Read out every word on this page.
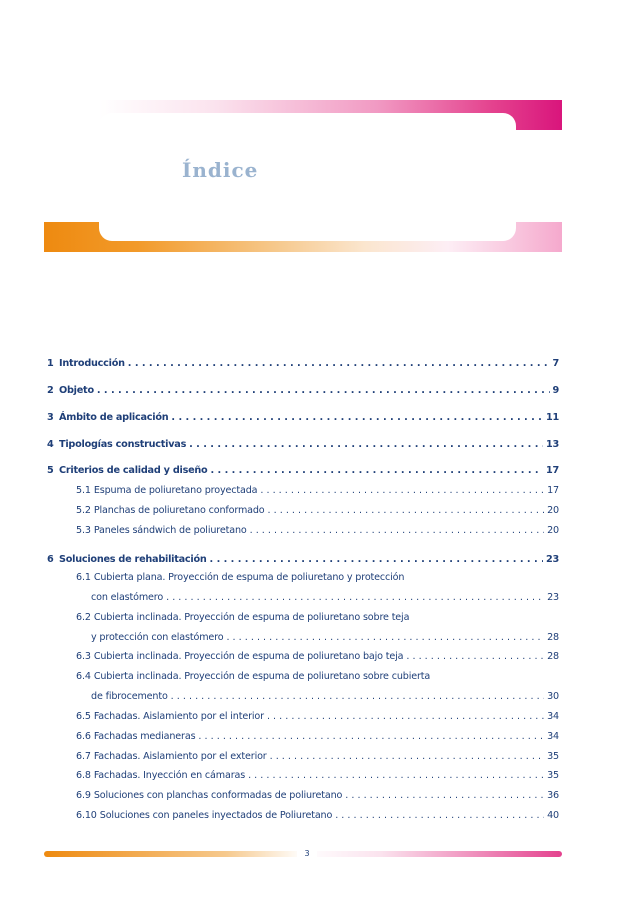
Índice
1 Introducción . . .	7
2 Objeto . . .	9
3 Ámbito de aplicación . . .	11
4 Tipologías constructivas . . .	13
5 Criterios de calidad y diseño . . .	17
5.1 Espuma de poliuretano proyectada . . .	17
5.2 Planchas de poliuretano conformado . . .	20
5.3 Paneles sándwich de poliuretano . . .	20
6 Soluciones de rehabilitación . . .	23
6.1 Cubierta plana. Proyección de espuma de poliuretano y protección
con elastómero . . .	23
6.2 Cubierta inclinada. Proyección de espuma de poliuretano sobre teja
y protección con elastómero . . .	28
6.3 Cubierta inclinada. Proyección de espuma de poliuretano bajo teja . . .	28
6.4 Cubierta inclinada. Proyección de espuma de poliuretano sobre cubierta
de fibrocemento . . .	30
6.5 Fachadas. Aislamiento por el interior . . .	34
6.6 Fachadas medianeras . . .	34
6.7 Fachadas. Aislamiento por el exterior . . .	35
6.8 Fachadas. Inyección en cámaras . . .	35
6.9 Soluciones con planchas conformadas de poliuretano . . .	36
6.10 Soluciones con paneles inyectados de Poliuretano . . .	40
3
